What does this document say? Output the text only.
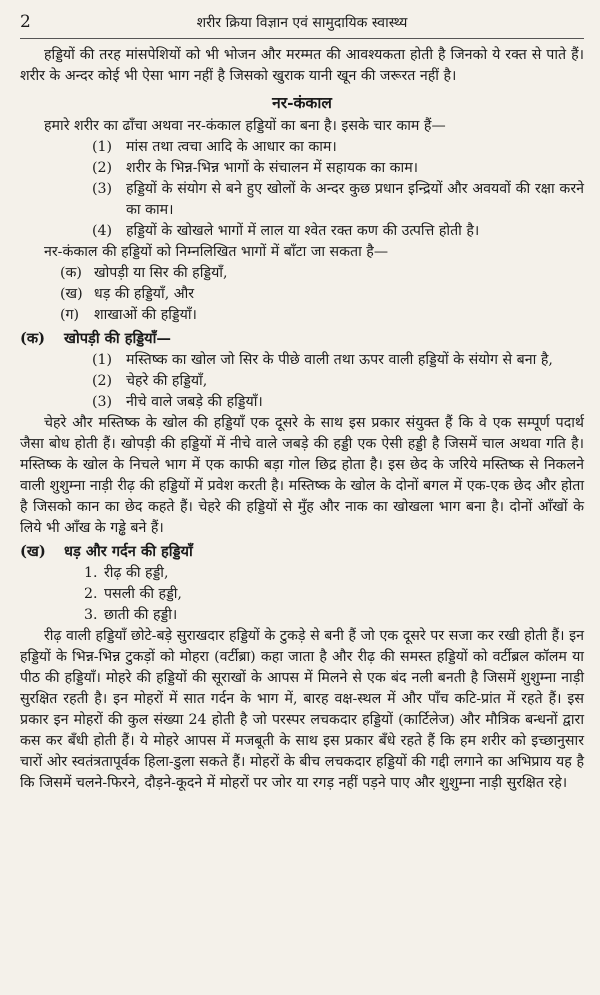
2	शरीर क्रिया विज्ञान एवं सामुदायिक स्वास्थ्य

हड्डियों की तरह मांसपेशियों को भी भोजन और मरम्मत की आवश्यकता होती है जिनको ये रक्त से पाते हैं। शरीर के अन्दर कोई भी ऐसा भाग नहीं है जिसको खुराक यानी खून की जरूरत नहीं है।

नर-कंकाल

हमारे शरीर का ढाँचा अथवा नर-कंकाल हड्डियों का बना है। इसके चार काम हैं—

(1) मांस तथा त्वचा आदि के आधार का काम।
(2) शरीर के भिन्न-भिन्न भागों के संचालन में सहायक का काम।
(3) हड्डियों के संयोग से बने हुए खोलों के अन्दर कुछ प्रधान इन्द्रियों और अवयवों की रक्षा करने का काम।
(4) हड्डियों के खोखले भागों में लाल या श्वेत रक्त कण की उत्पत्ति होती है।

नर-कंकाल की हड्डियों को निम्नलिखित भागों में बाँटा जा सकता है—

(क) खोपड़ी या सिर की हड्डियाँ,
(ख) धड़ की हड्डियाँ, और
(ग)	शाखाओं की हड्डियाँ।
(क)	खोपड़ी की हड्डियाँ—
(1) मस्तिष्क का खोल जो सिर के पीछे वाली तथा ऊपर वाली हड्डियों के संयोग से बना है,
(2) चेहरे की हड्डियाँ,
(3) नीचे वाले जबड़े की हड्डियाँ।

चेहरे और मस्तिष्क के खोल की हड्डियाँ एक दूसरे के साथ इस प्रकार संयुक्त हैं कि वे एक सम्पूर्ण पदार्थ जैसा बोध होती हैं। खोपड़ी की हड्डियों में नीचे वाले जबड़े की हड्डी एक ऐसी हड्डी है जिसमें चाल अथवा गति है। मस्तिष्क के खोल के निचले भाग में एक काफी बड़ा गोल छिद्र होता है। इस छेद के जरिये मस्तिष्क से निकलने वाली शुशुम्ना नाड़ी रीढ़ की हड्डियों में प्रवेश करती है। मस्तिष्क के खोल के दोनों बगल में एक-एक छेद और होता है जिसको कान का छेद कहते हैं। चेहरे की हड्डियों से मुँह और नाक का खोखला भाग बना है। दोनों आँखों के लिये भी आँख के गड्ढे बने हैं।

(ख)	धड़ और गर्दन की हड्डियाँ
1. रीढ़ की हड्डी,
2. पसली की हड्डी,
3. छाती की हड्डी।

रीढ़ वाली हड्डियाँ छोटे-बड़े सुराखदार हड्डियों के टुकड़े से बनी हैं जो एक दूसरे पर सजा कर रखी होती हैं। इन हड्डियों के भिन्न-भिन्न टुकड़ों को मोहरा (वर्टीब्रा) कहा जाता है और रीढ़ की समस्त हड्डियों को वर्टीब्रल कॉलम या पीठ की हड्डियाँ। मोहरे की हड्डियों की सूराखों के आपस में मिलने से एक बंद नली बनती है जिसमें शुशुम्ना नाड़ी सुरक्षित रहती है। इन मोहरों में सात गर्दन के भाग में, बारह वक्ष-स्थल में और पाँच कटि-प्रांत में रहते हैं। इस प्रकार इन मोहरों की कुल संख्या 24 होती है जो परस्पर लचकदार हड्डियों (कार्टिलेज) और मौत्रिक बन्धनों द्वारा कस कर बँधी होती हैं। ये मोहरे आपस में मजबूती के साथ इस प्रकार बँधे रहते हैं कि हम शरीर को इच्छानुसार चारों ओर स्वतंत्रतापूर्वक हिला-डुला सकते हैं। मोहरों के बीच लचकदार हड्डियों की गद्दी लगाने का अभिप्राय यह है कि जिसमें चलने-फिरने, दौड़ने-कूदने में मोहरों पर जोर या रगड़ नहीं पड़ने पाए और शुशुम्ना नाड़ी सुरक्षित रहे।
